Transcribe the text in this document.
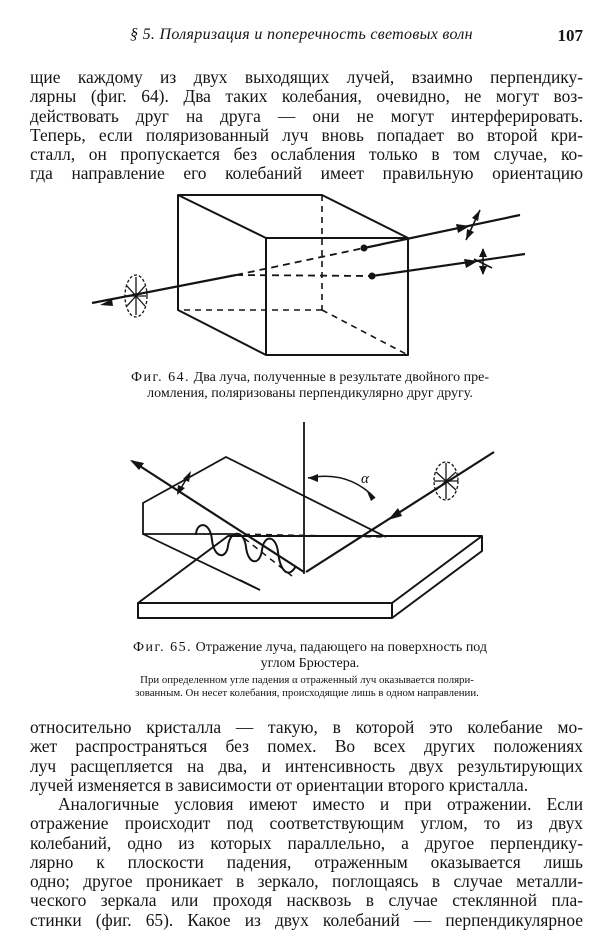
§ 5. Поляризация и поперечность световых волн	107

щие каждому из двух выходящих лучей, взаимно перпендику-
лярны (фиг. 64). Два таких колебания, очевидно, не могут воз-
действовать друг на друга — они не могут интерферировать.
Теперь, если поляризованный луч вновь попадает во второй кри-
сталл, он пропускается без ослабления только в том случае, ко-
гда направление его колебаний имеет правильную ориентацию

Фиг. 64. Два луча, полученные в результате двойного пре-
ломления, поляризованы перпендикулярно друг другу.
α
Фиг. 65. Отражение луча, падающего на поверхность под
углом Брюстера.
При определенном угле падения α отраженный луч оказывается поляри-
зованным. Он несет колебания, происходящие лишь в одном направлении.

относительно кристалла — такую, в которой это колебание мо-
жет распространяться без помех. Во всех других положениях
луч расщепляется на два, и интенсивность двух результирующих
лучей изменяется в зависимости от ориентации второго кристалла.

Аналогичные условия имеют иместо и при отражении. Если
отражение происходит под соответствующим углом, то из двух
колебаний, одно из которых параллельно, а другое перпендику-
лярно к плоскости падения, отраженным оказывается лишь
одно; другое проникает в зеркало, поглощаясь в случае металли-
ческого зеркала или проходя насквозь в случае стеклянной пла-
стинки (фиг. 65). Какое из двух колебаний — перпендикулярное
